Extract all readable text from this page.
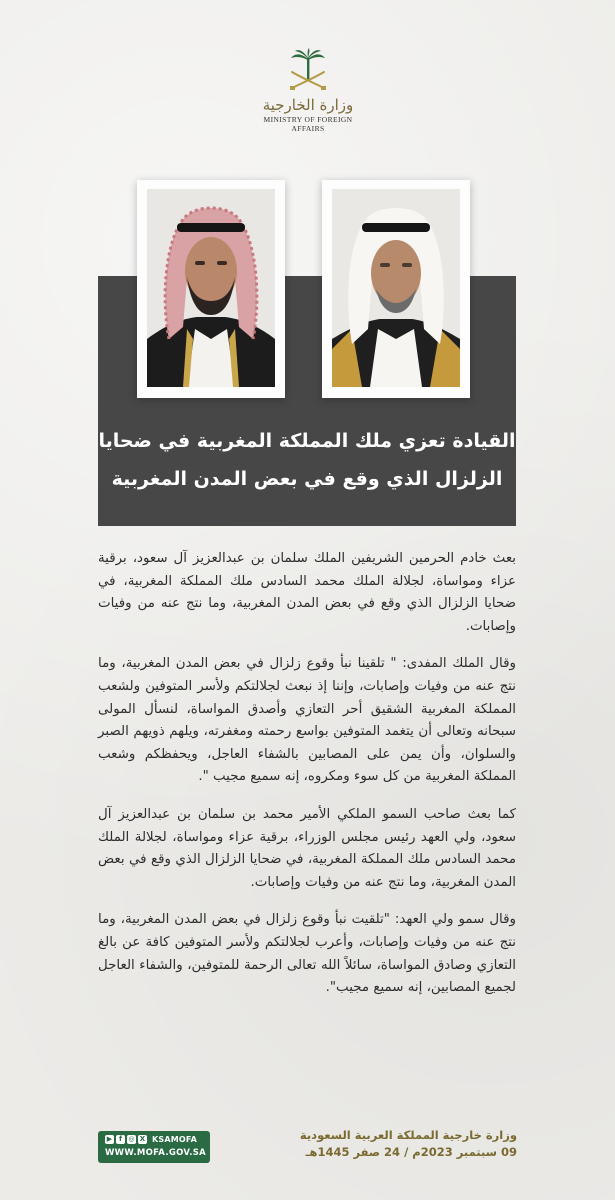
وزارة الخارجية
MINISTRY OF FOREIGN AFFAIRS
القيادة تعزي ملك المملكة المغربية في ضحايا
الزلزال الذي وقع في بعض المدن المغربية

بعث خادم الحرمين الشريفين الملك سلمان بن عبدالعزيز آل سعود، برقية عزاء ومواساة، لجلالة الملك محمد السادس ملك المملكة المغربية، في ضحايا الزلزال الذي وقع في بعض المدن المغربية، وما نتج عنه من وفيات وإصابات.

وقال الملك المفدى: " تلقينا نبأ وقوع زلزال في بعض المدن المغربية، وما نتج عنه من وفيات وإصابات، وإننا إذ نبعث لجلالتكم ولأسر المتوفين ولشعب المملكة المغربية الشقيق أحر التعازي وأصدق المواساة، لنسأل المولى سبحانه وتعالى أن يتغمد المتوفين بواسع رحمته ومغفرته، ويلهم ذويهم الصبر والسلوان، وأن يمن على المصابين بالشفاء العاجل، ويحفظكم وشعب المملكة المغربية من كل سوء ومكروه، إنه سميع مجيب ".

كما بعث صاحب السمو الملكي الأمير محمد بن سلمان بن عبدالعزيز آل سعود، ولي العهد رئيس مجلس الوزراء، برقية عزاء ومواساة، لجلالة الملك محمد السادس ملك المملكة المغربية، في ضحايا الزلزال الذي وقع في بعض المدن المغربية، وما نتج عنه من وفيات وإصابات.

وقال سمو ولي العهد: "تلقيت نبأ وقوع زلزال في بعض المدن المغربية، وما نتج عنه من وفيات وإصابات، وأعرب لجلالتكم ولأسر المتوفين كافة عن بالغ التعازي وصادق المواساة، سائلاً الله تعالى الرحمة للمتوفين، والشفاء العاجل لجميع المصابين، إنه سميع مجيب".

وزارة خارجية المملكة العربية السعودية
09 سبتمبر 2023م / 24 صفر 1445هـ
▶ f ◎ X KSAMOFA
WWW.MOFA.GOV.SA
